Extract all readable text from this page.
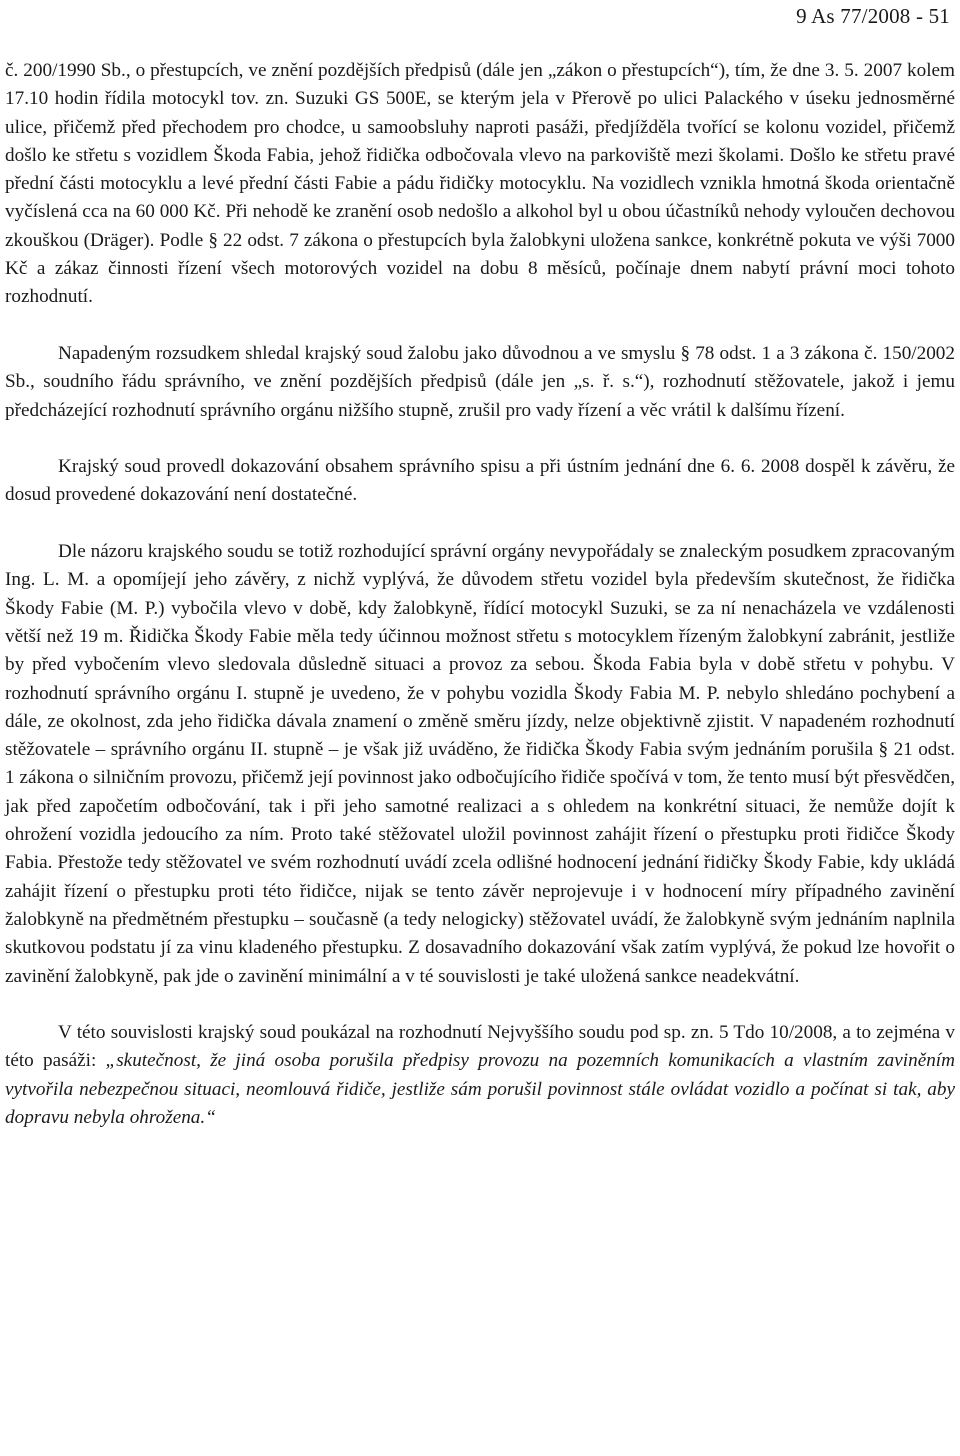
9 As 77/2008 - 51

č. 200/1990 Sb., o přestupcích, ve znění pozdějších předpisů (dále jen „zákon o přestupcích“), tím, že dne 3. 5. 2007 kolem 17.10 hodin řídila motocykl tov. zn. Suzuki GS 500E, se kterým jela v Přerově po ulici Palackého v úseku jednosměrné ulice, přičemž před přechodem pro chodce, u samoobsluhy naproti pasáži, předjížděla tvořící se kolonu vozidel, přičemž došlo ke střetu s vozidlem Škoda Fabia, jehož řidička odbočovala vlevo na parkoviště mezi školami. Došlo ke střetu pravé přední části motocyklu a levé přední části Fabie a pádu řidičky motocyklu. Na vozidlech vznikla hmotná škoda orientačně vyčíslená cca na 60 000 Kč. Při nehodě ke zranění osob nedošlo a alkohol byl u obou účastníků nehody vyloučen dechovou zkouškou (Dräger). Podle § 22 odst. 7 zákona o přestupcích byla žalobkyni uložena sankce, konkrétně pokuta ve výši 7000 Kč a zákaz činnosti řízení všech motorových vozidel na dobu 8 měsíců, počínaje dnem nabytí právní moci tohoto rozhodnutí.

Napadeným rozsudkem shledal krajský soud žalobu jako důvodnou a ve smyslu § 78 odst. 1 a 3 zákona č. 150/2002 Sb., soudního řádu správního, ve znění pozdějších předpisů (dále jen „s. ř. s.“), rozhodnutí stěžovatele, jakož i jemu předcházející rozhodnutí správního orgánu nižšího stupně, zrušil pro vady řízení a věc vrátil k dalšímu řízení.

Krajský soud provedl dokazování obsahem správního spisu a při ústním jednání dne 6. 6. 2008 dospěl k závěru, že dosud provedené dokazování není dostatečné.

Dle názoru krajského soudu se totiž rozhodující správní orgány nevypořádaly se znaleckým posudkem zpracovaným Ing. L. M. a opomíjejí jeho závěry, z nichž vyplývá, že důvodem střetu vozidel byla především skutečnost, že řidička Škody Fabie (M. P.) vybočila vlevo v době, kdy žalobkyně, řídící motocykl Suzuki, se za ní nenacházela ve vzdálenosti větší než 19 m. Řidička Škody Fabie měla tedy účinnou možnost střetu s motocyklem řízeným žalobkyní zabránit, jestliže by před vybočením vlevo sledovala důsledně situaci a provoz za sebou. Škoda Fabia byla v době střetu v pohybu. V rozhodnutí správního orgánu I. stupně je uvedeno, že v pohybu vozidla Škody Fabia M. P. nebylo shledáno pochybení a dále, ze okolnost, zda jeho řidička dávala znamení o změně směru jízdy, nelze objektivně zjistit. V napadeném rozhodnutí stěžovatele – správního orgánu II. stupně – je však již uváděno, že řidička Škody Fabia svým jednáním porušila § 21 odst. 1 zákona o silničním provozu, přičemž její povinnost jako odbočujícího řidiče spočívá v tom, že tento musí být přesvědčen, jak před započetím odbočování, tak i při jeho samotné realizaci a s ohledem na konkrétní situaci, že nemůže dojít k ohrožení vozidla jedoucího za ním. Proto také stěžovatel uložil povinnost zahájit řízení o přestupku proti řidičce Škody Fabia. Přestože tedy stěžovatel ve svém rozhodnutí uvádí zcela odlišné hodnocení jednání řidičky Škody Fabie, kdy ukládá zahájit řízení o přestupku proti této řidičce, nijak se tento závěr neprojevuje i v hodnocení míry případného zavinění žalobkyně na předmětném přestupku – současně (a tedy nelogicky) stěžovatel uvádí, že žalobkyně svým jednáním naplnila skutkovou podstatu jí za vinu kladeného přestupku. Z dosavadního dokazování však zatím vyplývá, že pokud lze hovořit o zavinění žalobkyně, pak jde o zavinění minimální a v té souvislosti je také uložená sankce neadekvátní.

V této souvislosti krajský soud poukázal na rozhodnutí Nejvyššího soudu pod sp. zn. 5 Tdo 10/2008, a to zejména v této pasáži: „skutečnost, že jiná osoba porušila předpisy provozu na pozemních komunikacích a vlastním zaviněním vytvořila nebezpečnou situaci, neomlouvá řidiče, jestliže sám porušil povinnost stále ovládat vozidlo a počínat si tak, aby dopravu nebyla ohrožena.“
